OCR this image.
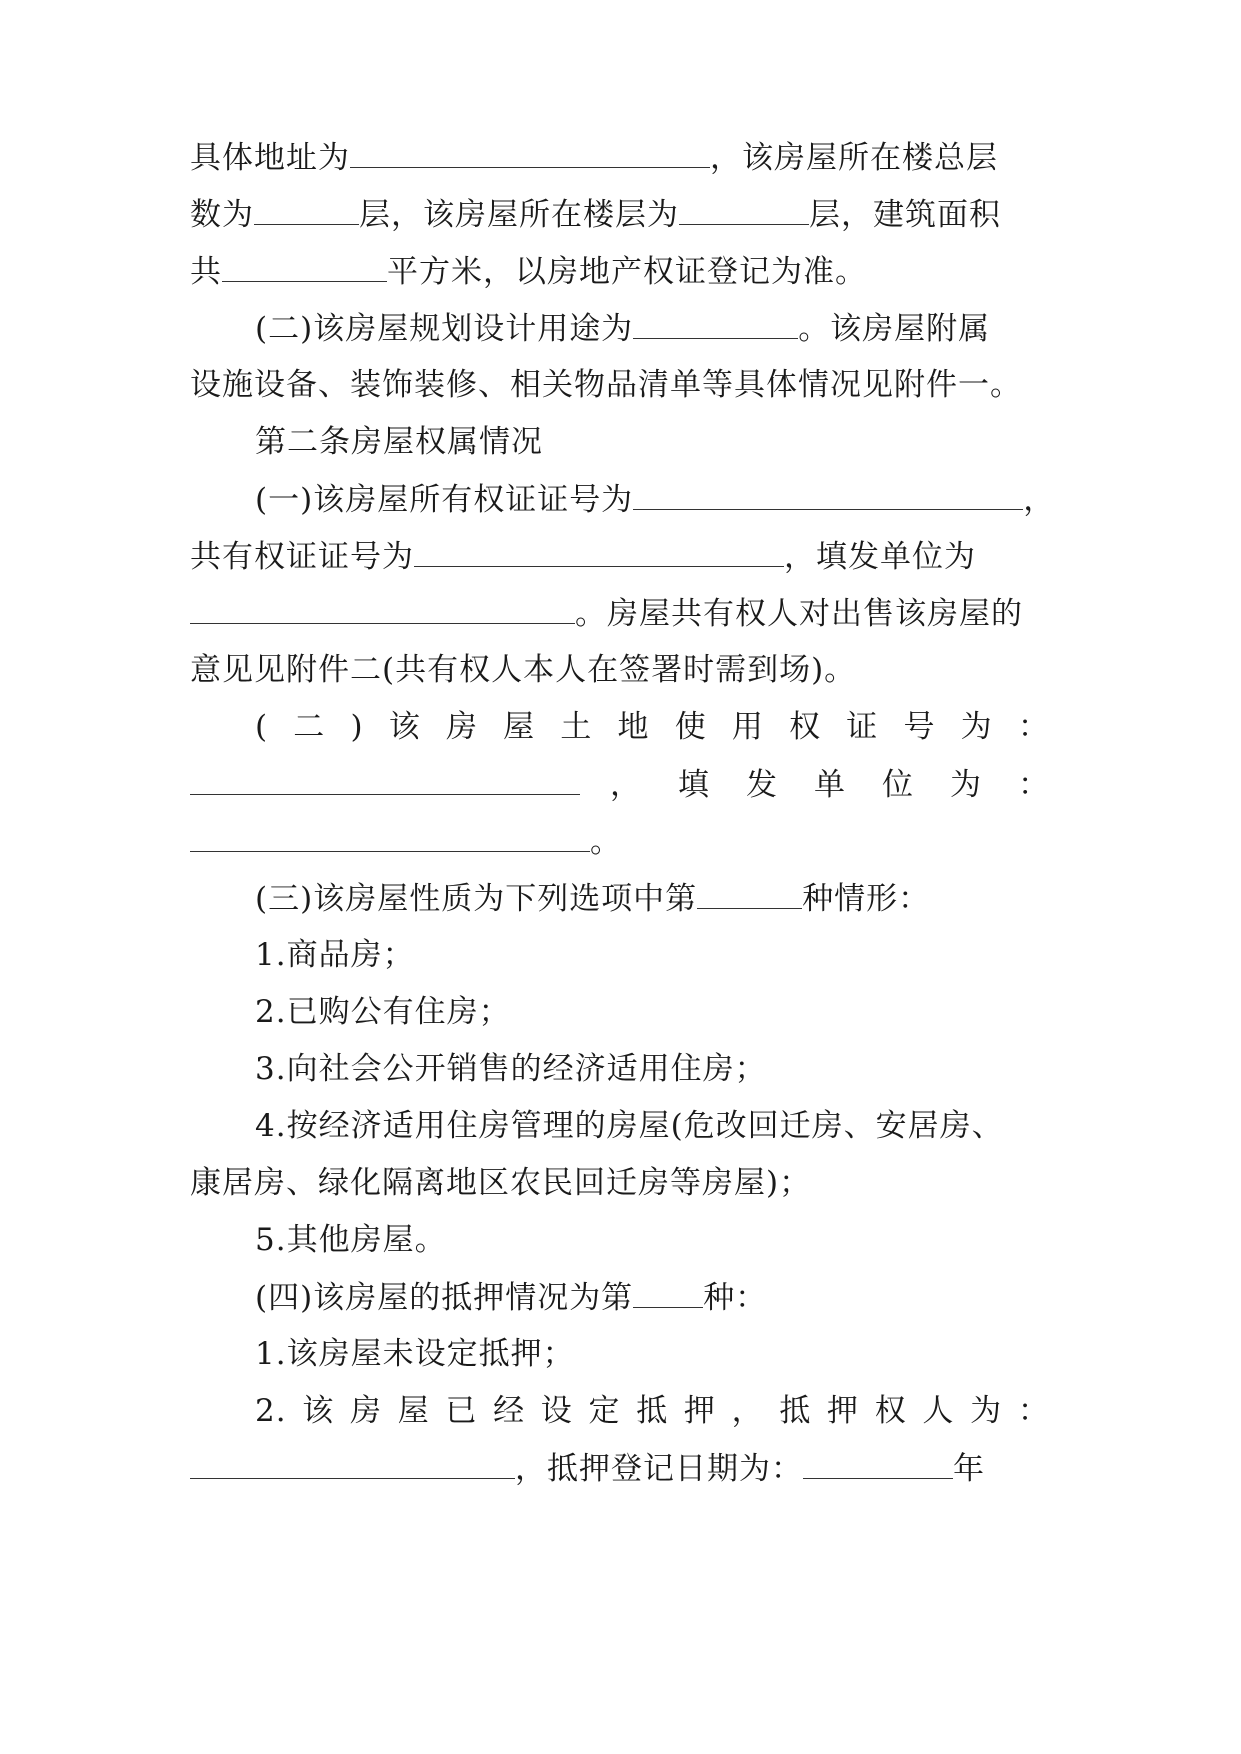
具体地址为	，该房屋所在楼总层
数为	层，该房屋所在楼层为	层，建筑面积
共	平方米，以房地产权证登记为准。
(二)该房屋规划设计用途为	。该房屋附属
设施设备、装饰装修、相关物品清单等具体情况见附件一。
第二条房屋权属情况
(一)该房屋所有权证证号为	，
共有权证证号为	，填发单位为
。房屋共有权人对出售该房屋的
意见见附件二(共有权人本人在签署时需到场)。
( 二 ) 该 房 屋 土 地 使 用 权 证 号 为 ：
， 填 发 单 位 为 ：
。
(三)该房屋性质为下列选项中第	种情形：
1.商品房；
2.已购公有住房；
3.向社会公开销售的经济适用住房；
4.按经济适用住房管理的房屋(危改回迁房、安居房、
康居房、绿化隔离地区农民回迁房等房屋)；
5.其他房屋。
(四)该房屋的抵押情况为第 种：
1.该房屋未设定抵押；
2. 该 房 屋 已 经 设 定 抵 押 ， 抵 押 权 人 为 ：
，抵押登记日期为：	年
